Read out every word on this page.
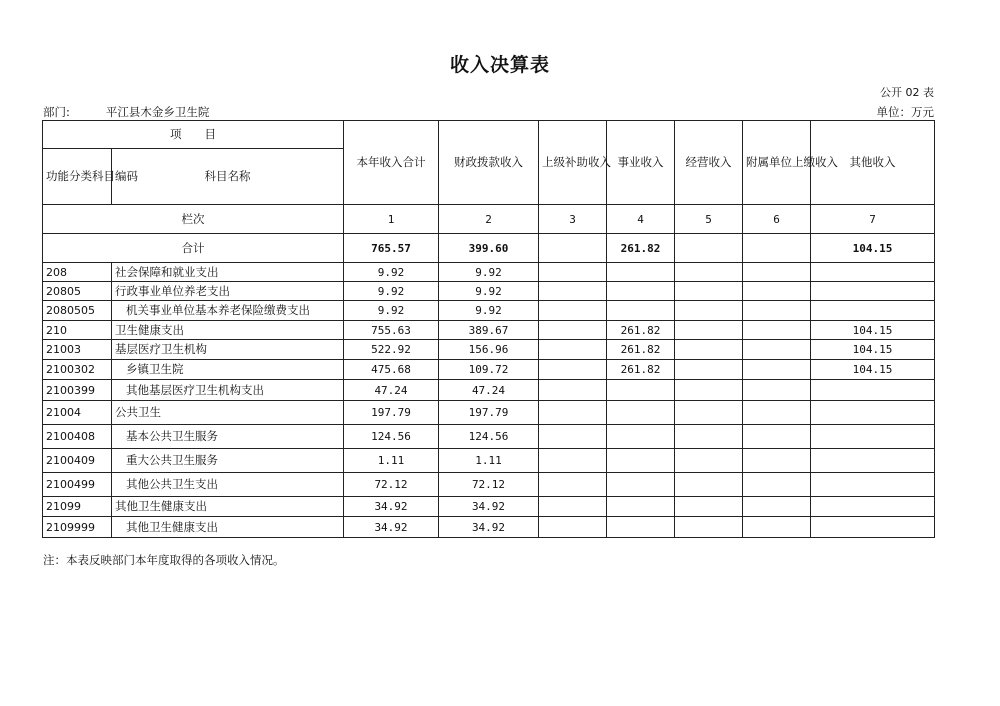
收入决算表
公开 02 表
部门:	平江县木金乡卫生院	单位：万元
项　　目		本年收入合计	财政拨款收入	上级补助收入	事业收入	经营收入	附属单位上缴收入	其他收入
功能分类科目编码	科目名称							
栏次		1	2	3	4	5	6	7
合计		765.57	399.60		261.82			104.15
208	社会保障和就业支出	9.92	9.92					
20805	行政事业单位养老支出	9.92	9.92					
2080505	机关事业单位基本养老保险缴费支出	9.92	9.92					
210	卫生健康支出	755.63	389.67		261.82			104.15
21003	基层医疗卫生机构	522.92	156.96		261.82			104.15
2100302	乡镇卫生院	475.68	109.72		261.82			104.15
2100399	其他基层医疗卫生机构支出	47.24	47.24					
21004	公共卫生	197.79	197.79					
2100408	基本公共卫生服务	124.56	124.56					
2100409	重大公共卫生服务	1.11	1.11					
2100499	其他公共卫生支出	72.12	72.12					
21099	其他卫生健康支出	34.92	34.92					
2109999	其他卫生健康支出	34.92	34.92					
注：本表反映部门本年度取得的各项收入情况。
